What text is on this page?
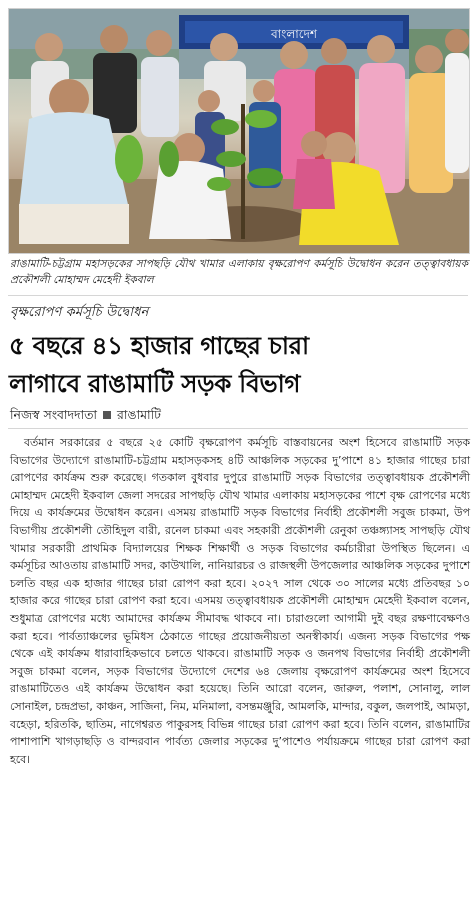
বাংলাদেশ
রাঙামাটি-চট্টগ্রাম মহাসড়কের সাপছড়ি যৌথ খামার এলাকায় বৃক্ষরোপণ কর্মসূচি উদ্বোধন করেন তত্ত্বাবধায়ক প্রকৌশলী মোহাম্মদ মেহেদী ইকবাল
বৃক্ষরোপণ কর্মসূচি উদ্বোধন
৫ বছরে ৪১ হাজার গাছের চারা
লাগাবে রাঙামাটি সড়ক বিভাগ
নিজস্ব সংবাদদাতা রাঙামাটি
বর্তমান সরকারের ৫ বছরে ২৫ কোটি বৃক্ষরোপণ কর্মসূচি বাস্তবায়নের অংশ হিসেবে রাঙামাটি সড়ক বিভাগের উদ্যোগে রাঙামাটি-চট্টগ্রাম মহাসড়কসহ ৪টি আঞ্চলিক সড়কের দু’পাশে ৪১ হাজার গাছের চারা রোপণের কার্যক্রম শুরু করেছে। গতকাল বুধবার দুপুরে রাঙামাটি সড়ক বিভাগের তত্ত্বাবধায়ক প্রকৌশলী মোহাম্মদ মেহেদী ইকবাল জেলা সদরের সাপছড়ি যৌথ খামার এলাকায় মহাসড়কের পাশে বৃক্ষ রোপণের মধ্যে দিয়ে এ কার্যক্রমের উদ্বোধন করেন। এসময় রাঙামাটি সড়ক বিভাগের নির্বাহী প্রকৌশলী সবুজ চাকমা, উপ বিভাগীয় প্রকৌশলী তৌহিদুল বারী, রনেল চাকমা এবং সহকারী প্রকৌশলী রেনুকা তঞ্চঙ্গ্যাসহ সাপছড়ি যৌথ খামার সরকারী প্রাথমিক বিদ্যালয়ের শিক্ষক শিক্ষার্থী ও সড়ক বিভাগের কর্মচারীরা উপস্থিত ছিলেন। এ কর্মসূচির আওতায় রাঙামাটি সদর, কাউখালি, নানিয়ারচর ও রাজস্থলী উপজেলার আঞ্চলিক সড়কের দুপাশে চলতি বছর এক হাজার গাছের চারা রোপণ করা হবে। ২০২৭ সাল থেকে ৩০ সালের মধ্যে প্রতিবছর ১০ হাজার করে গাছের চারা রোপণ করা হবে। এসময় তত্ত্বাবধায়ক প্রকৌশলী মোহাম্মদ মেহেদী ইকবাল বলেন, শুধুমাত্র রোপণের মধ্যে আমাদের কার্যক্রম সীমাবদ্ধ থাকবে না। চারাগুলো আগামী দুই বছর রক্ষণাবেক্ষণও করা হবে। পার্বত্যাঞ্চলের ভূমিধস ঠেকাতে গাছের প্রয়োজনীয়তা অনস্বীকার্য। এজন্য সড়ক বিভাগের পক্ষ থেকে এই কার্যক্রম ধারাবাহিকভাবে চলতে থাকবে। রাঙামাটি সড়ক ও জনপথ বিভাগের নির্বাহী প্রকৌশলী সবুজ চাকমা বলেন, সড়ক বিভাগের উদ্যোগে দেশের ৬৪ জেলায় বৃক্ষরোপণ কার্যক্রমের অংশ হিসেবে রাঙামাটিতেও এই কার্যক্রম উদ্বোধন করা হয়েছে। তিনি আরো বলেন, জারুল, পলাশ, সোনালু, লাল সোনাইল, চন্দ্রপ্রভা, কাঞ্চন, সাজিনা, নিম, মনিমালা, বসন্তমঞ্জুরি, আমলকি, মান্দার, বকুল, জলপাই, আমড়া, বহেড়া, হরিতকি, ছাতিম, নাগেশ্বরত পাকুরসহ বিভিন্ন গাছের চারা রোপণ করা হবে। তিনি বলেন, রাঙামাটির পাশাপাশি খাগড়াছড়ি ও বান্দরবান পার্বত্য জেলার সড়কের দু’পাশেও পর্যায়ক্রমে গাছের চারা রোপণ করা হবে।
